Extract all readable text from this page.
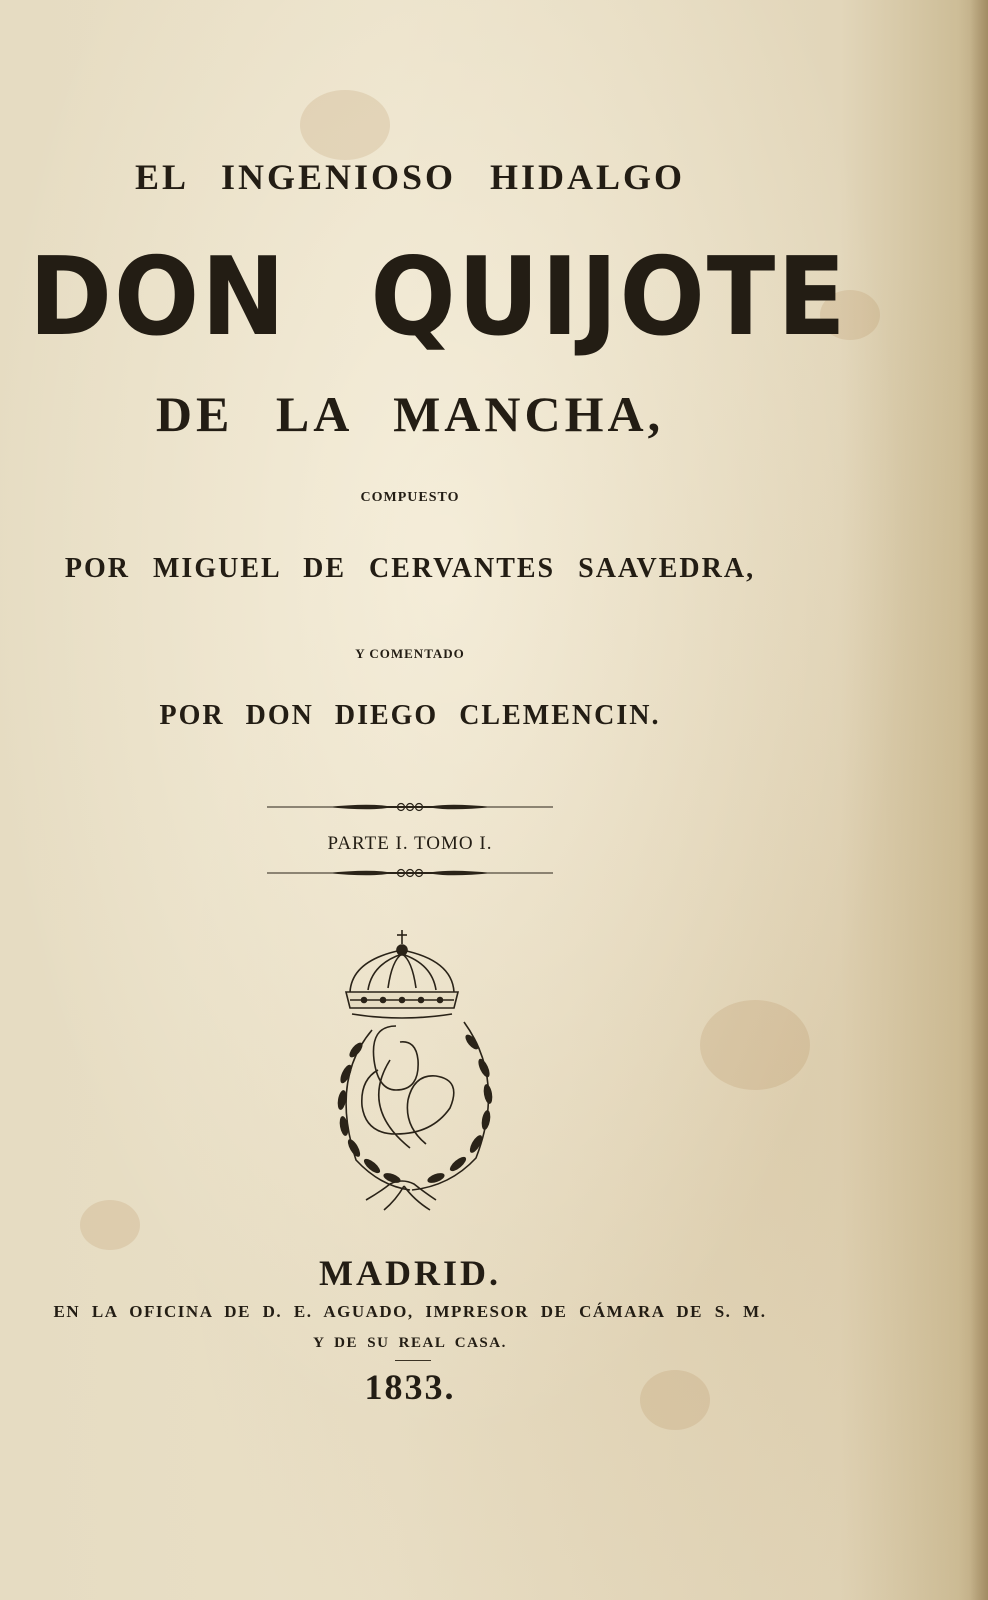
EL INGENIOSO HIDALGO
DON QUIJOTE
DE LA MANCHA,
COMPUESTO
POR MIGUEL DE CERVANTES SAAVEDRA,
Y COMENTADO
POR DON DIEGO CLEMENCIN.
PARTE I. TOMO I.
MADRID.
EN LA OFICINA DE D. E. AGUADO, IMPRESOR DE CÁMARA DE S. M.
Y DE SU REAL CASA.
1833.
